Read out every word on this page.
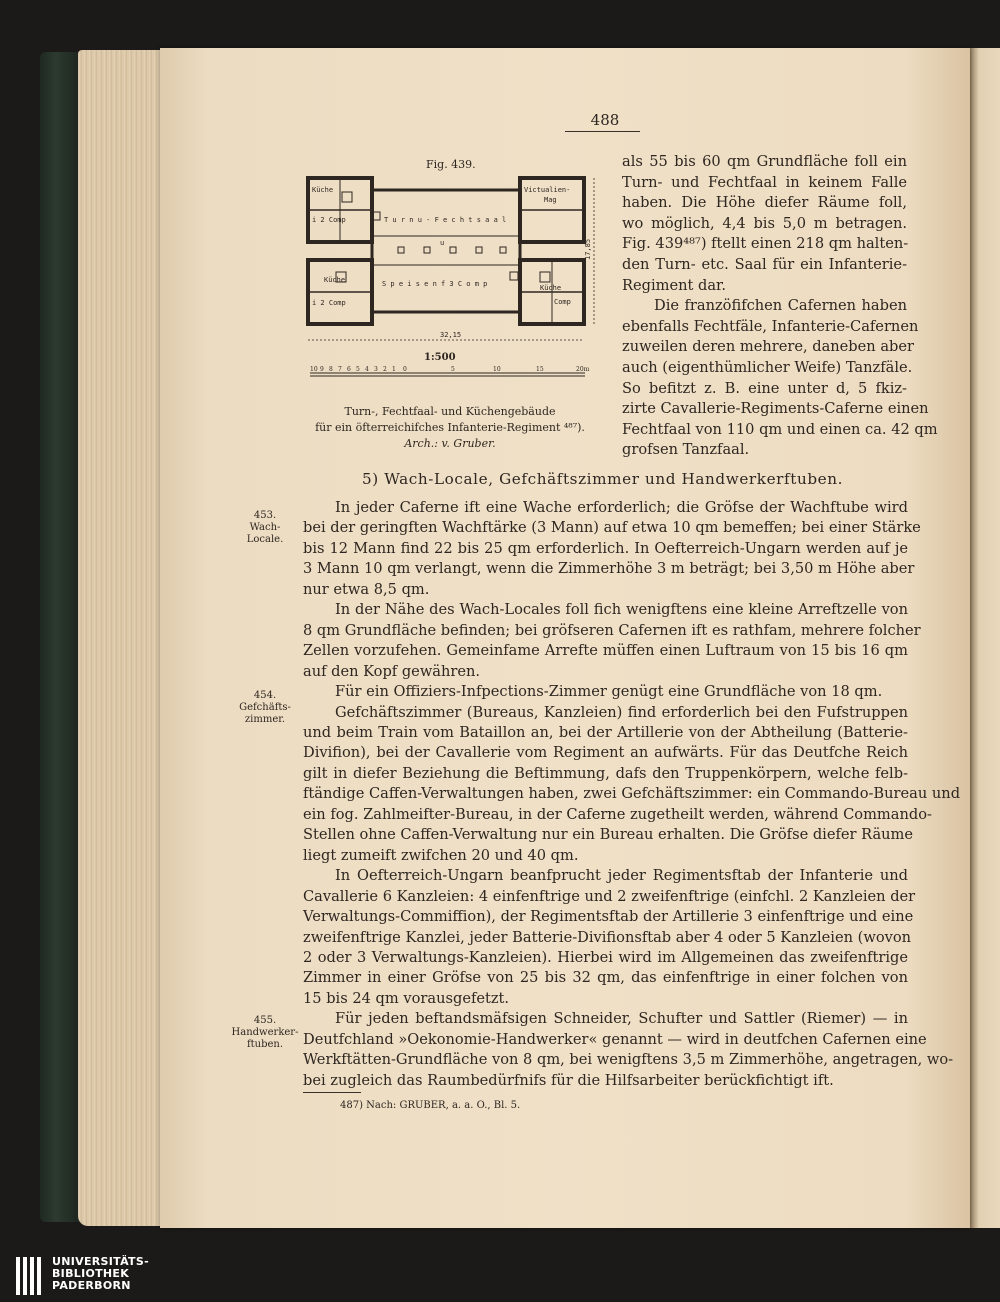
488
Fig. 439.
Küche
i 2 Comp	T u r n u - F e c h t s a a l
Victualien-
Mag
u
Küche
i 2 Comp
S p e i s e n f 3 C o m p	Küche
Comp
32,15
17,85
1:500
10 9 8 7 6 5 4 3 2 1 0	5	10	15	20m
Turn-, Fechtfaal- und Küchengebäude
für ein öfterreichifches Infanterie-Regiment ⁴⁸⁷).
Arch.: v. Gruber.
als 55 bis 60 qm Grundfläche foll ein
Turn- und Fechtfaal in keinem Falle
haben. Die Höhe diefer Räume foll,
wo möglich, 4,4 bis 5,0 m betragen.
Fig. 439⁴⁸⁷) ftellt einen 218 qm halten-
den Turn- etc. Saal für ein Infanterie-
Regiment dar.
Die franzöfifchen Cafernen haben
ebenfalls Fechtfäle, Infanterie-Cafernen
zuweilen deren mehrere, daneben aber
auch (eigenthümlicher Weife) Tanzfäle.
So befitzt z. B. eine unter d, 5 fkiz-
zirte Cavallerie-Regiments-Caferne einen
Fechtfaal von 110 qm und einen ca. 42 qm
grofsen Tanzfaal.
5) Wach-Locale, Gefchäftszimmer und Handwerkerftuben.
453.
Wach-
Locale.
454.
Gefchäfts-
zimmer.
455.
Handwerker-
ftuben.
In jeder Caferne ift eine Wache erforderlich; die Gröfse der Wachftube wird
bei der geringften Wachftärke (3 Mann) auf etwa 10 qm bemeffen; bei einer Stärke
bis 12 Mann find 22 bis 25 qm erforderlich. In Oefterreich-Ungarn werden auf je
3 Mann 10 qm verlangt, wenn die Zimmerhöhe 3 m beträgt; bei 3,50 m Höhe aber
nur etwa 8,5 qm.
In der Nähe des Wach-Locales foll fich wenigftens eine kleine Arreftzelle von
8 qm Grundfläche befinden; bei gröfseren Cafernen ift es rathfam, mehrere folcher
Zellen vorzufehen. Gemeinfame Arrefte müffen einen Luftraum von 15 bis 16 qm
auf den Kopf gewähren.
Für ein Offiziers-Infpections-Zimmer genügt eine Grundfläche von 18 qm.
Gefchäftszimmer (Bureaus, Kanzleien) find erforderlich bei den Fufstruppen
und beim Train vom Bataillon an, bei der Artillerie von der Abtheilung (Batterie-
Divifion), bei der Cavallerie vom Regiment an aufwärts. Für das Deutfche Reich
gilt in diefer Beziehung die Beftimmung, dafs den Truppenkörpern, welche felb-
ftändige Caffen-Verwaltungen haben, zwei Gefchäftszimmer: ein Commando-Bureau und
ein fog. Zahlmeifter-Bureau, in der Caferne zugetheilt werden, während Commando-
Stellen ohne Caffen-Verwaltung nur ein Bureau erhalten. Die Gröfse diefer Räume
liegt zumeift zwifchen 20 und 40 qm.
In Oefterreich-Ungarn beanfprucht jeder Regimentsftab der Infanterie und
Cavallerie 6 Kanzleien: 4 einfenftrige und 2 zweifenftrige (einfchl. 2 Kanzleien der
Verwaltungs-Commiffion), der Regimentsftab der Artillerie 3 einfenftrige und eine
zweifenftrige Kanzlei, jeder Batterie-Divifionsftab aber 4 oder 5 Kanzleien (wovon
2 oder 3 Verwaltungs-Kanzleien). Hierbei wird im Allgemeinen das zweifenftrige
Zimmer in einer Gröfse von 25 bis 32 qm, das einfenftrige in einer folchen von
15 bis 24 qm vorausgefetzt.
Für jeden beftandsmäfsigen Schneider, Schufter und Sattler (Riemer) — in
Deutfchland »Oekonomie-Handwerker« genannt — wird in deutfchen Cafernen eine
Werkftätten-Grundfläche von 8 qm, bei wenigftens 3,5 m Zimmerhöhe, angetragen, wo-
bei zugleich das Raumbedürfnifs für die Hilfsarbeiter berückfichtigt ift.
487) Nach: GRUBER, a. a. O., Bl. 5.
UNIVERSITÄTS-
BIBLIOTHEK
PADERBORN
